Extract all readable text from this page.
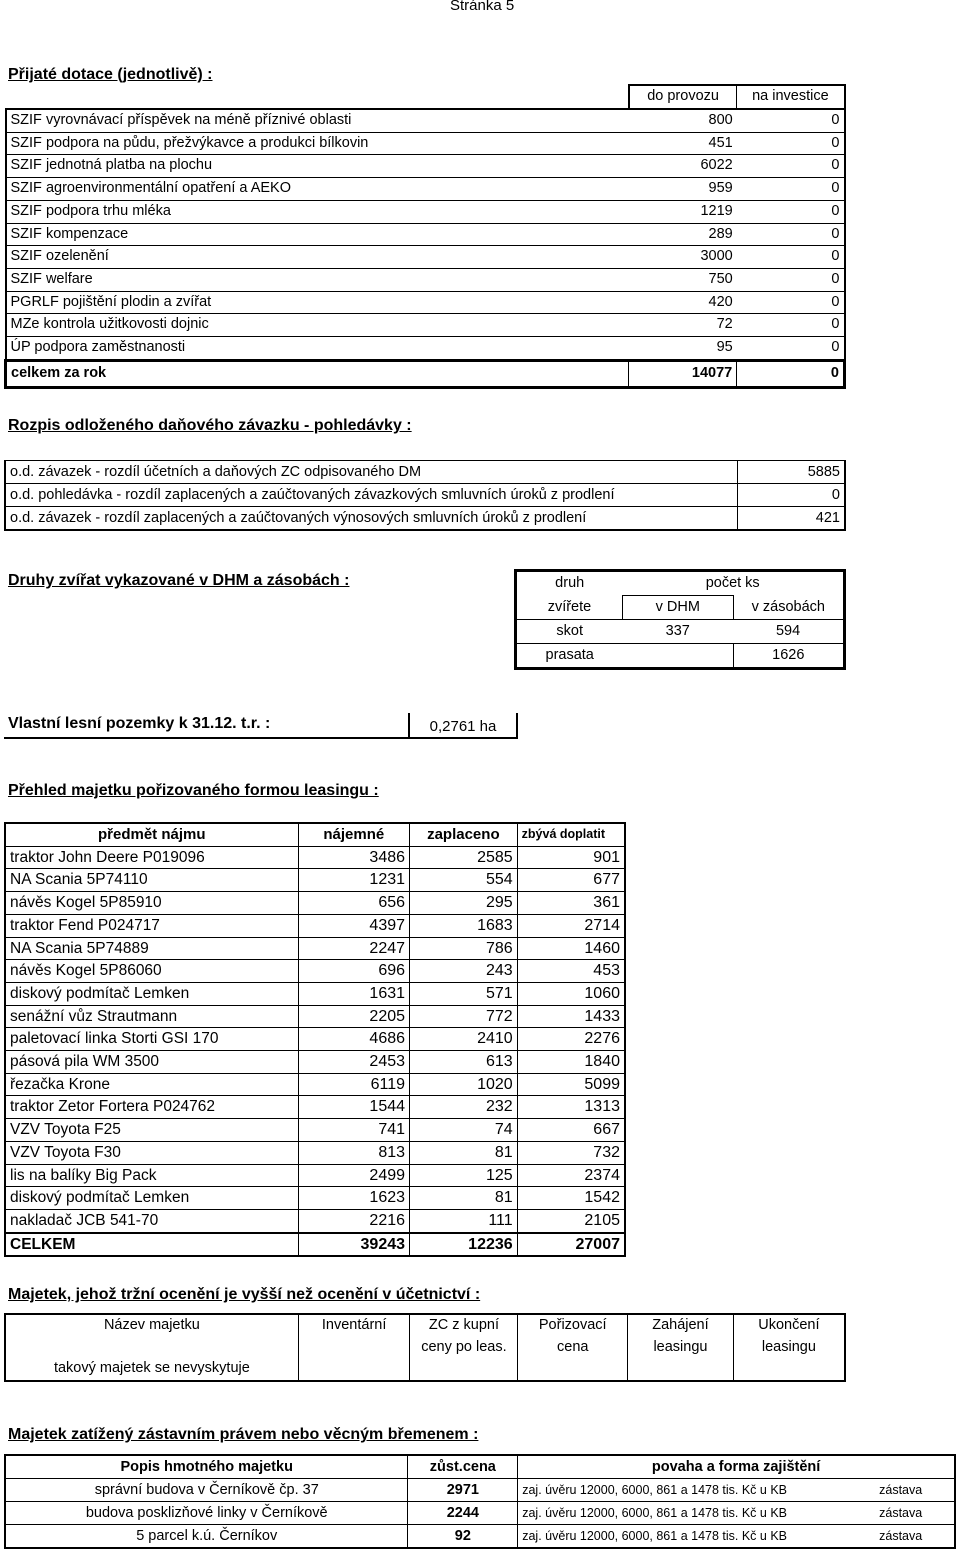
Stránka 5
Přijaté dotace (jednotlivě) :
	do provozu	na investice
SZIF vyrovnávací příspěvek na méně příznivé oblasti	800	0
SZIF podpora na půdu, přežvýkavce a produkci bílkovin	451	0
SZIF jednotná platba na plochu	6022	0
SZIF agroenvironmentální opatření a AEKO	959	0
SZIF podpora trhu mléka	1219	0
SZIF kompenzace	289	0
SZIF ozelenění	3000	0
SZIF welfare	750	0
PGRLF pojištění plodin a zvířat	420	0
MZe kontrola užitkovosti dojnic	72	0
ÚP podpora zaměstnanosti	95	0
celkem za rok	14077	0
Rozpis odloženého daňového závazku - pohledávky :
o.d. závazek - rozdíl účetních a daňových ZC odpisovaného DM	5885
o.d. pohledávka - rozdíl zaplacených a zaúčtovaných závazkových smluvních úroků z prodlení	0
o.d. závazek - rozdíl zaplacených a zaúčtovaných výnosových smluvních úroků z prodlení	421
Druhy zvířat vykazované v DHM a zásobách :	druh	počet ks	
zvířete	v DHM	v zásobách
skot	337	594
prasata		1626
Vlastní lesní pozemky k 31.12. t.r. :	0,2761 ha
Přehled majetku pořizovaného formou leasingu :
předmět nájmu	nájemné	zaplaceno	zbývá doplatit
traktor John Deere P019096	3486	2585	901
NA Scania 5P74110	1231	554	677
návěs Kogel 5P85910	656	295	361
traktor Fend P024717	4397	1683	2714
NA Scania 5P74889	2247	786	1460
návěs Kogel 5P86060	696	243	453
diskový podmítač Lemken	1631	571	1060
senážní vůz Strautmann	2205	772	1433
paletovací linka Storti GSI 170	4686	2410	2276
pásová pila WM 3500	2453	613	1840
řezačka Krone	6119	1020	5099
traktor Zetor Fortera P024762	1544	232	1313
VZV Toyota F25	741	74	667
VZV Toyota F30	813	81	732
lis na balíky Big Pack	2499	125	2374
diskový podmítač Lemken	1623	81	1542
nakladač JCB 541-70	2216	111	2105
CELKEM	39243	12236	27007
Majetek, jehož tržní ocenění je vyšší než ocenění v účetnictví :
Název majetku	Inventární	ZC z kupní	Pořizovací	Zahájení	Ukončení
		ceny po leas.	cena	leasingu	leasingu
takový majetek se nevyskytuje					
Majetek zatížený zástavním právem nebo věcným břemenem :
Popis hmotného majetku	zůst.cena	povaha a forma zajištění	
správní budova v Černíkově čp. 37	2971	zaj. úvěru 12000, 6000, 861 a 1478 tis. Kč u KB	zástava
budova posklizňové linky v Černíkově	2244	zaj. úvěru 12000, 6000, 861 a 1478 tis. Kč u KB	zástava
5 parcel k.ú. Černíkov	92	zaj. úvěru 12000, 6000, 861 a 1478 tis. Kč u KB	zástava
